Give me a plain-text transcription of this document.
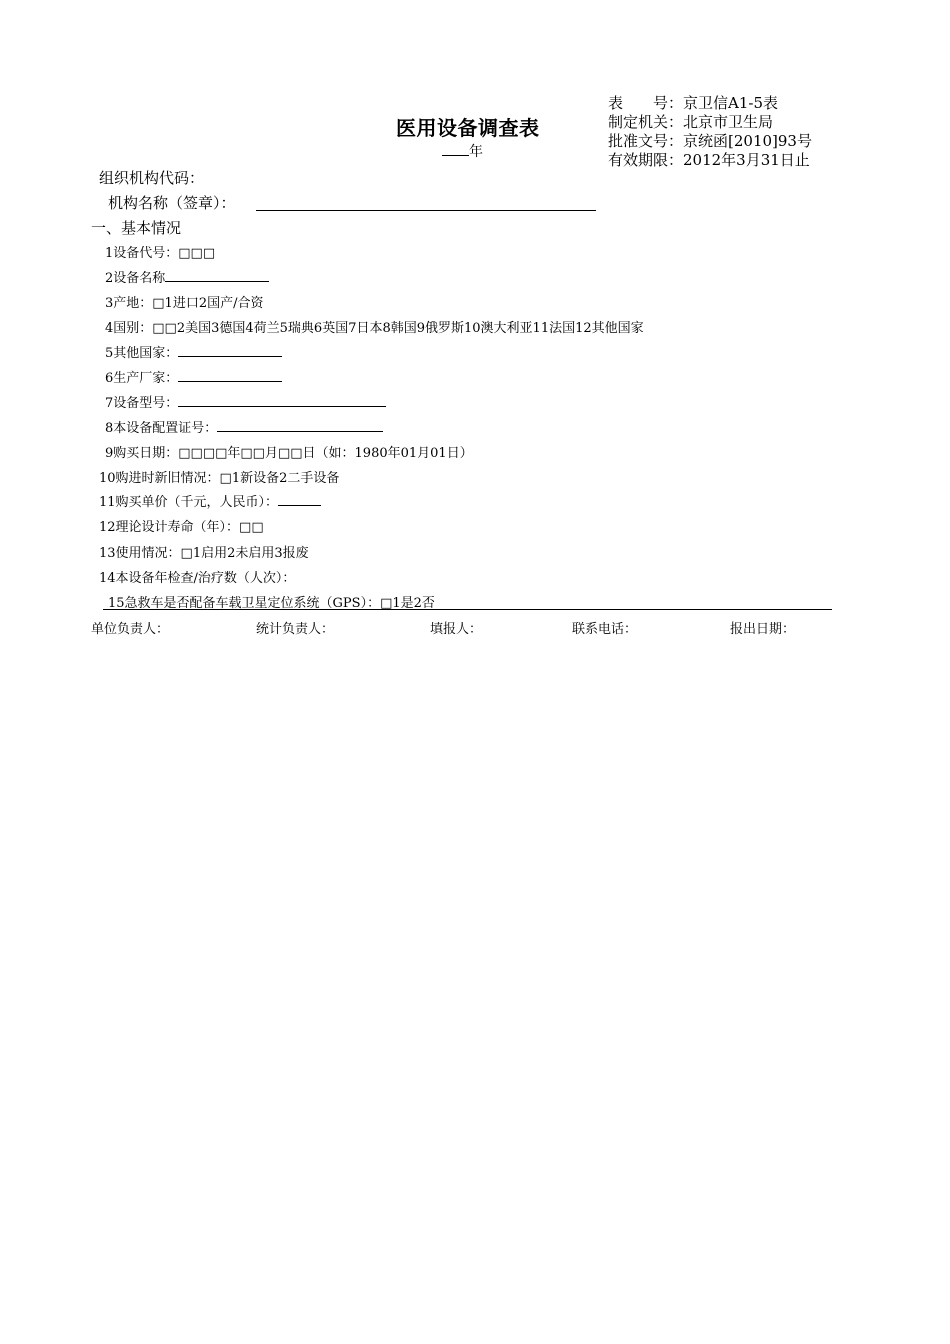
医用设备调查表
年
表　　号：京卫信A1-5表
制定机关：北京市卫生局
批准文号：京统函[2010]93号
有效期限：2012年3月31日止
组织机构代码：
机构名称（签章）：
一、基本情况
1设备代号：□□□
2设备名称
3产地：□1进口2国产/合资
4国别：□□2美国3德国4荷兰5瑞典6英国7日本8韩国9俄罗斯10澳大利亚11法国12其他国家
5其他国家：
6生产厂家：
7设备型号：
8本设备配置证号：
9购买日期：□□□□年□□月□□日（如：1980年01月01日）
10购进时新旧情况：□1新设备2二手设备
11购买单价（千元，人民币）：
12理论设计寿命（年）：□□
13使用情况：□1启用2未启用3报废
14本设备年检查/治疗数（人次）：
15急救车是否配备车载卫星定位系统（GPS）：□1是2否
单位负责人：	统计负责人：	填报人：	联系电话：	报出日期：
